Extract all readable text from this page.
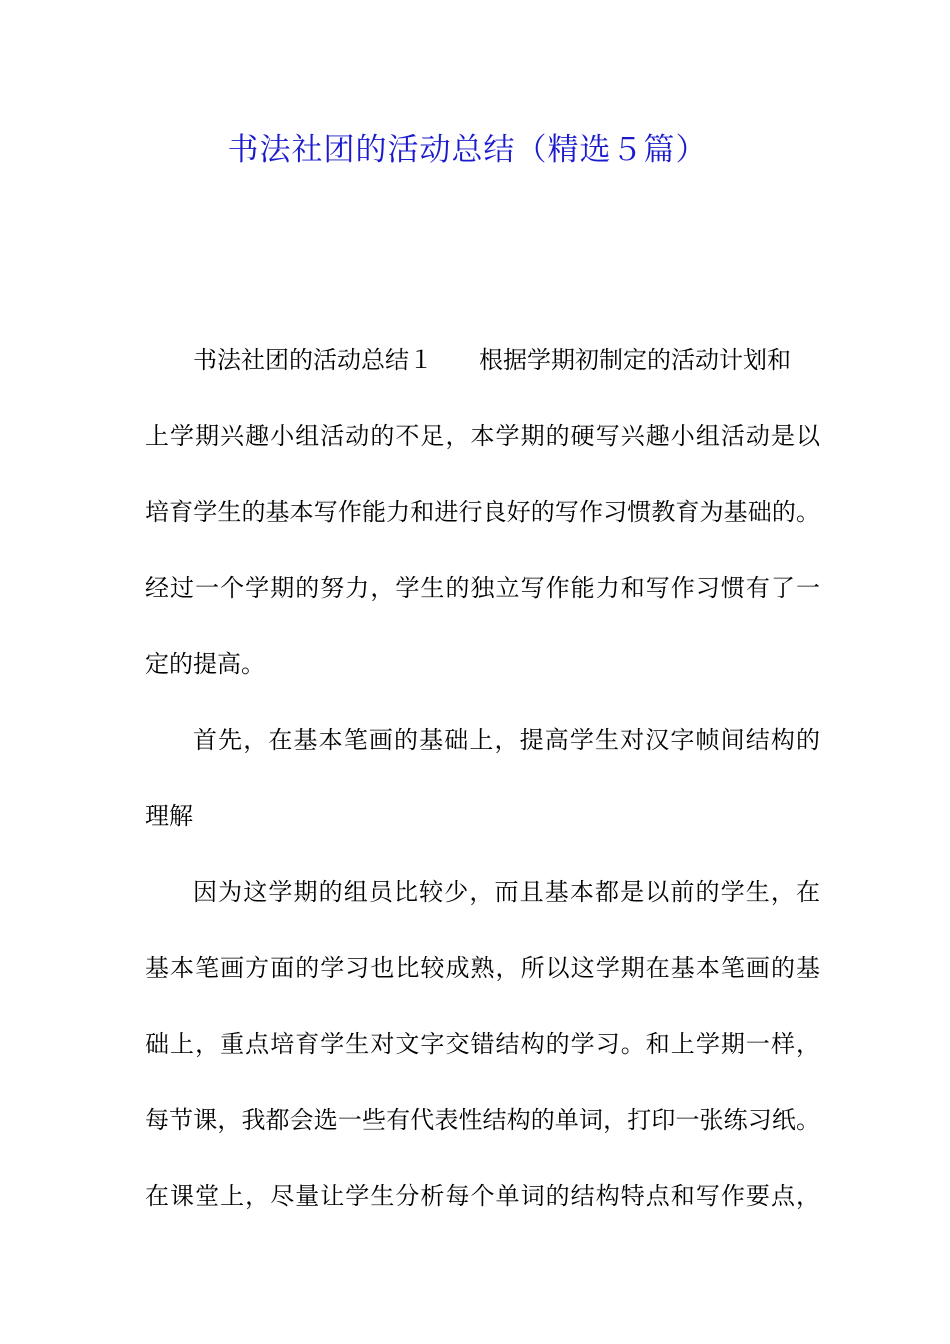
书法社团的活动总结（精选５篇）
书法社团的活动总结１ 根据学期初制定的活动计划和
上学期兴趣小组活动的不足，本学期的硬写兴趣小组活动是以
培育学生的基本写作能力和进行良好的写作习惯教育为基础的。
经过一个学期的努力，学生的独立写作能力和写作习惯有了一
定的提高。
首先，在基本笔画的基础上，提高学生对汉字帧间结构的
理解
因为这学期的组员比较少，而且基本都是以前的学生，在
基本笔画方面的学习也比较成熟，所以这学期在基本笔画的基
础上，重点培育学生对文字交错结构的学习。和上学期一样，
每节课，我都会选一些有代表性结构的单词，打印一张练习纸。
在课堂上，尽量让学生分析每个单词的结构特点和写作要点，
